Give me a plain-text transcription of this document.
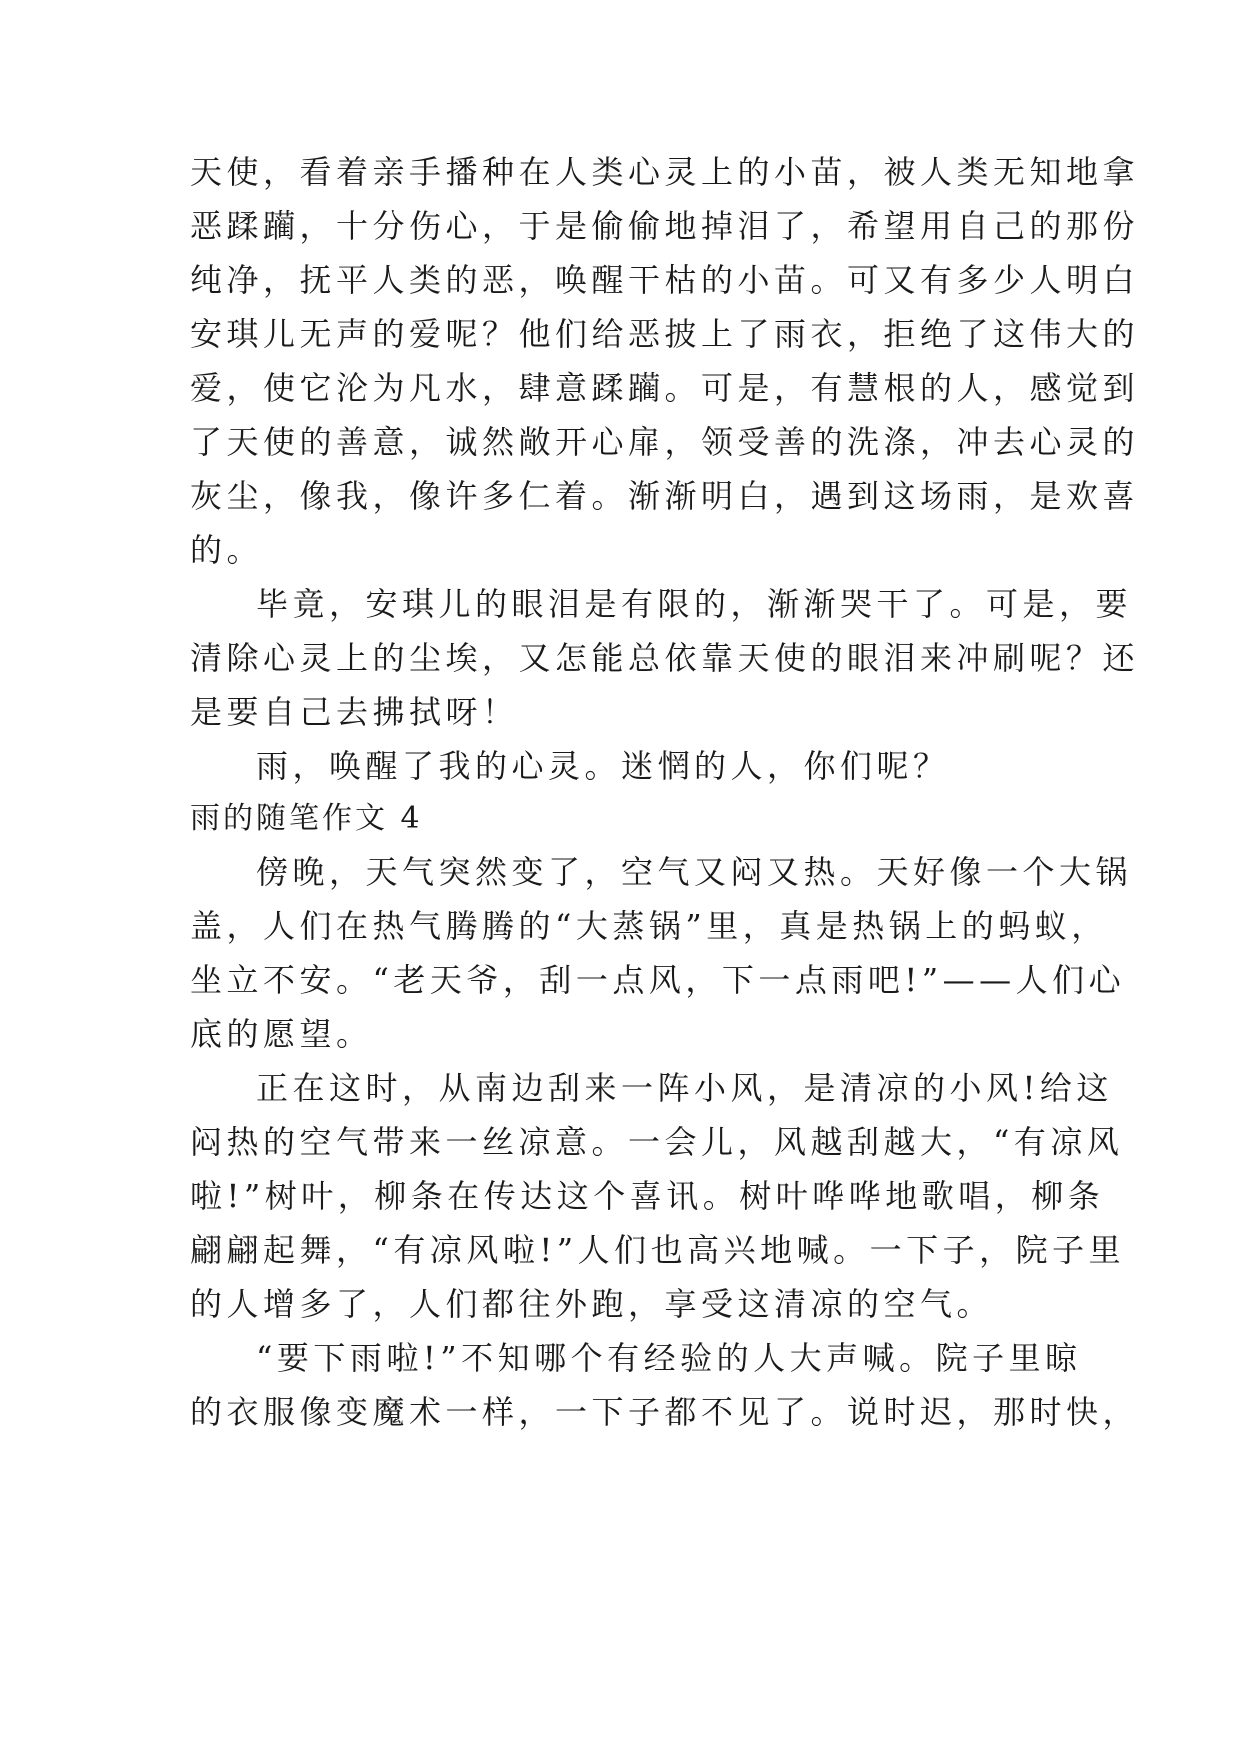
天使，看着亲手播种在人类心灵上的小苗，被人类无知地拿
恶蹂躏，十分伤心，于是偷偷地掉泪了，希望用自己的那份
纯净，抚平人类的恶，唤醒干枯的小苗。可又有多少人明白
安琪儿无声的爱呢？他们给恶披上了雨衣，拒绝了这伟大的
爱，使它沦为凡水，肆意蹂躏。可是，有慧根的人，感觉到
了天使的善意，诚然敞开心扉，领受善的洗涤，冲去心灵的
灰尘，像我，像许多仁着。渐渐明白，遇到这场雨，是欢喜
的。
毕竟，安琪儿的眼泪是有限的，渐渐哭干了。可是，要
清除心灵上的尘埃，又怎能总依靠天使的眼泪来冲刷呢？还
是要自己去拂拭呀！
雨，唤醒了我的心灵。迷惘的人，你们呢？
雨的随笔作文 4
傍晚，天气突然变了，空气又闷又热。天好像一个大锅
盖，人们在热气腾腾的“大蒸锅”里，真是热锅上的蚂蚁，
坐立不安。“老天爷，刮一点风，下一点雨吧!”——人们心
底的愿望。
正在这时，从南边刮来一阵小风，是清凉的小风!给这
闷热的空气带来一丝凉意。一会儿，风越刮越大，“有凉风
啦!”树叶，柳条在传达这个喜讯。树叶哗哗地歌唱，柳条
翩翩起舞，“有凉风啦!”人们也高兴地喊。一下子，院子里
的人增多了，人们都往外跑，享受这清凉的空气。
“要下雨啦!”不知哪个有经验的人大声喊。院子里晾
的衣服像变魔术一样，一下子都不见了。说时迟，那时快，
